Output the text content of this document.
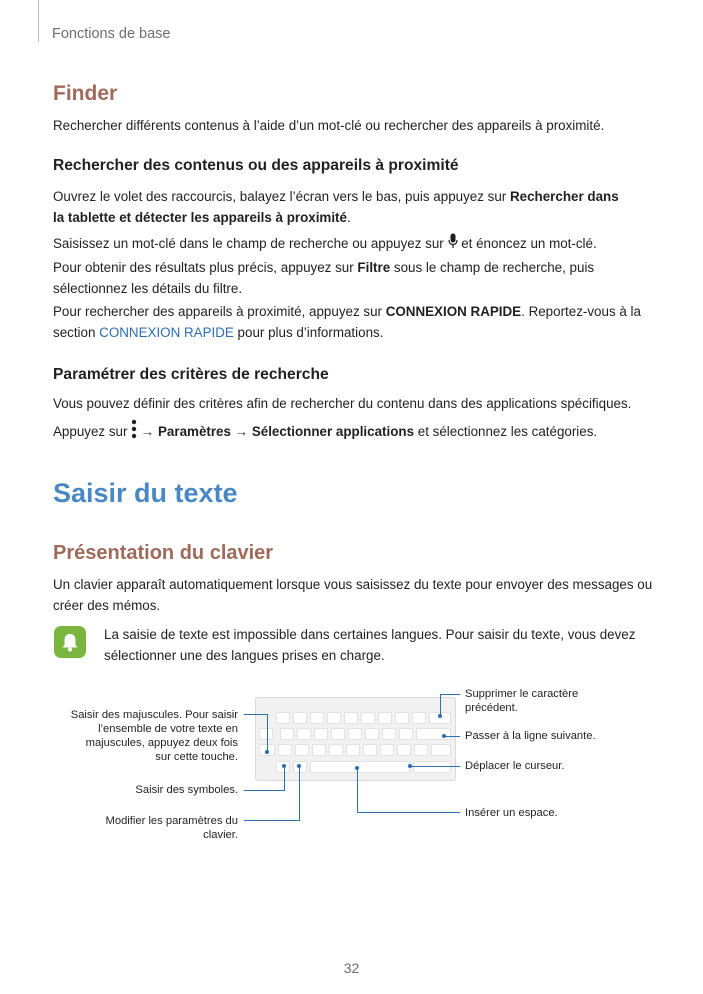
Fonctions de base
Finder

Rechercher différents contenus à l’aide d’un mot-clé ou rechercher des appareils à proximité.

Rechercher des contenus ou des appareils à proximité

Ouvrez le volet des raccourcis, balayez l’écran vers le bas, puis appuyez sur Rechercher dans la tablette et détecter les appareils à proximité.

Saisissez un mot-clé dans le champ de recherche ou appuyez sur  et énoncez un mot-clé.

Pour obtenir des résultats plus précis, appuyez sur Filtre sous le champ de recherche, puis sélectionnez les détails du filtre.

Pour rechercher des appareils à proximité, appuyez sur CONNEXION RAPIDE. Reportez-vous à la section CONNEXION RAPIDE pour plus d’informations.

Paramétrer des critères de recherche

Vous pouvez définir des critères afin de rechercher du contenu dans des applications spécifiques.

Appuyez sur  → Paramètres → Sélectionner applications et sélectionnez les catégories.

Saisir du texte
Présentation du clavier

Un clavier apparaît automatiquement lorsque vous saisissez du texte pour envoyer des messages ou créer des mémos.

La saisie de texte est impossible dans certaines langues. Pour saisir du texte, vous devez sélectionner une des langues prises en charge.

Saisir des majuscules. Pour saisir l’ensemble de votre texte en majuscules, appuyez deux fois sur cette touche.
Saisir des symboles.
Modifier les paramètres du clavier.
Supprimer le caractère précédent.
Passer à la ligne suivante.
Déplacer le curseur.
Insérer un espace.
32
